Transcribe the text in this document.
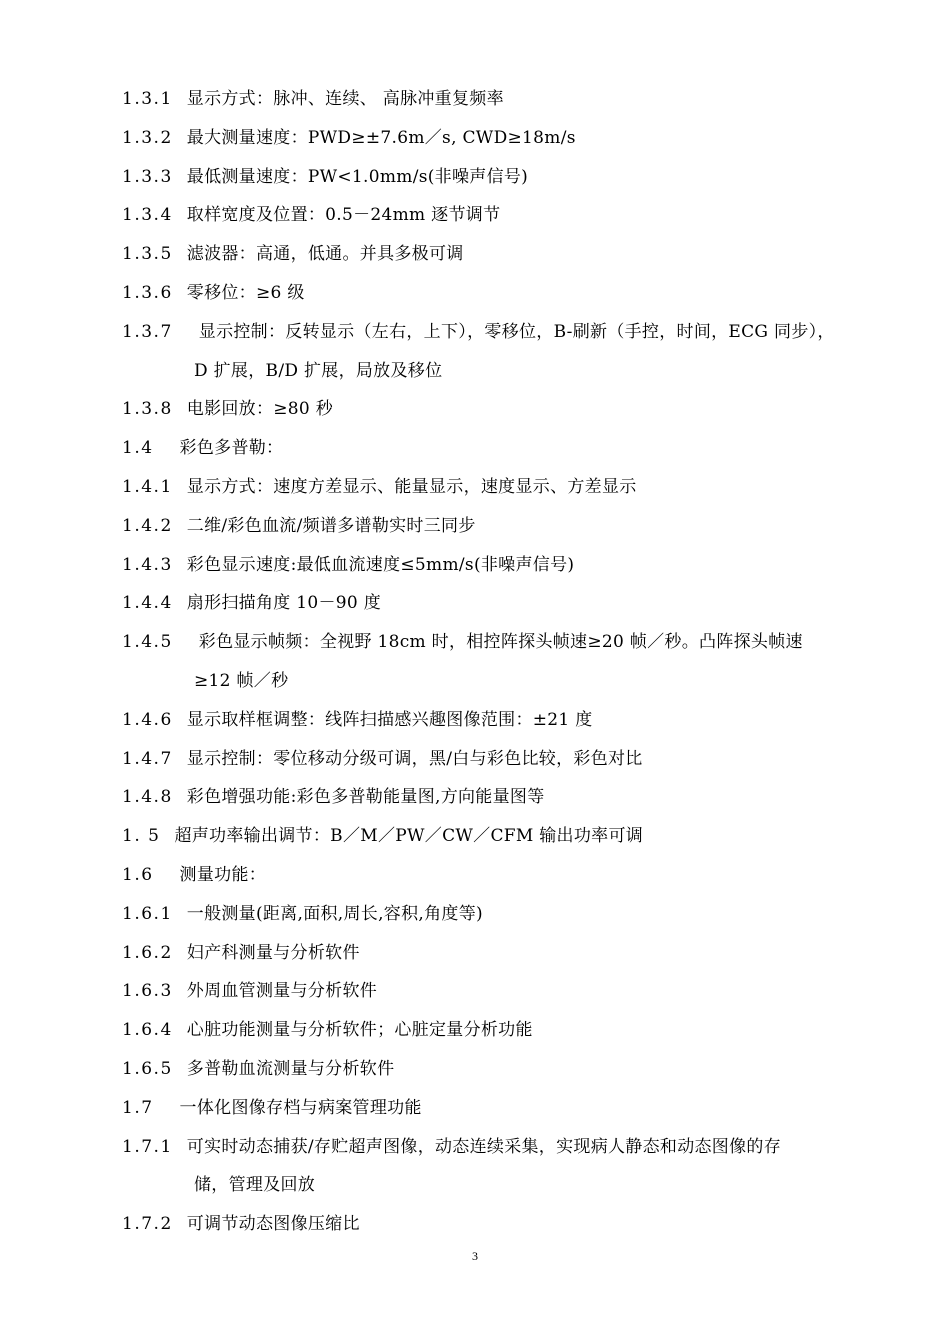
1.3.1 显示方式：脉冲、连续、 高脉冲重复频率
1.3.2 最大测量速度：PWD≥±7.6m／s, CWD≥18m/s
1.3.3 最低测量速度：PW<1.0mm/s(非噪声信号)
1.3.4 取样宽度及位置：0.5－24mm 逐节调节
1.3.5 滤波器：高通，低通。并具多极可调
1.3.6 零移位：≥6 级
1.3.7 显示控制：反转显示（左右，上下），零移位，B-刷新（手控，时间，ECG 同步），
D 扩展，B/D 扩展，局放及移位
1.3.8 电影回放：≥80 秒
1.4 彩色多普勒：
1.4.1 显示方式：速度方差显示、能量显示，速度显示、方差显示
1.4.2 二维/彩色血流/频谱多谱勒实时三同步
1.4.3 彩色显示速度:最低血流速度≤5mm/s(非噪声信号)
1.4.4 扇形扫描角度 10－90 度
1.4.5 彩色显示帧频：全视野 18cm 时，相控阵探头帧速≥20 帧／秒。凸阵探头帧速
≥12 帧／秒
1.4.6 显示取样框调整：线阵扫描感兴趣图像范围：±21 度
1.4.7 显示控制：零位移动分级可调，黑/白与彩色比较，彩色对比
1.4.8 彩色增强功能:彩色多普勒能量图,方向能量图等
1. 5 超声功率输出调节：B／M／PW／CW／CFM 输出功率可调
1.6 测量功能：
1.6.1 一般测量(距离,面积,周长,容积,角度等)
1.6.2 妇产科测量与分析软件
1.6.3 外周血管测量与分析软件
1.6.4 心脏功能测量与分析软件；心脏定量分析功能
1.6.5 多普勒血流测量与分析软件
1.7 一体化图像存档与病案管理功能
1.7.1 可实时动态捕获/存贮超声图像，动态连续采集，实现病人静态和动态图像的存
储，管理及回放
1.7.2 可调节动态图像压缩比
3
